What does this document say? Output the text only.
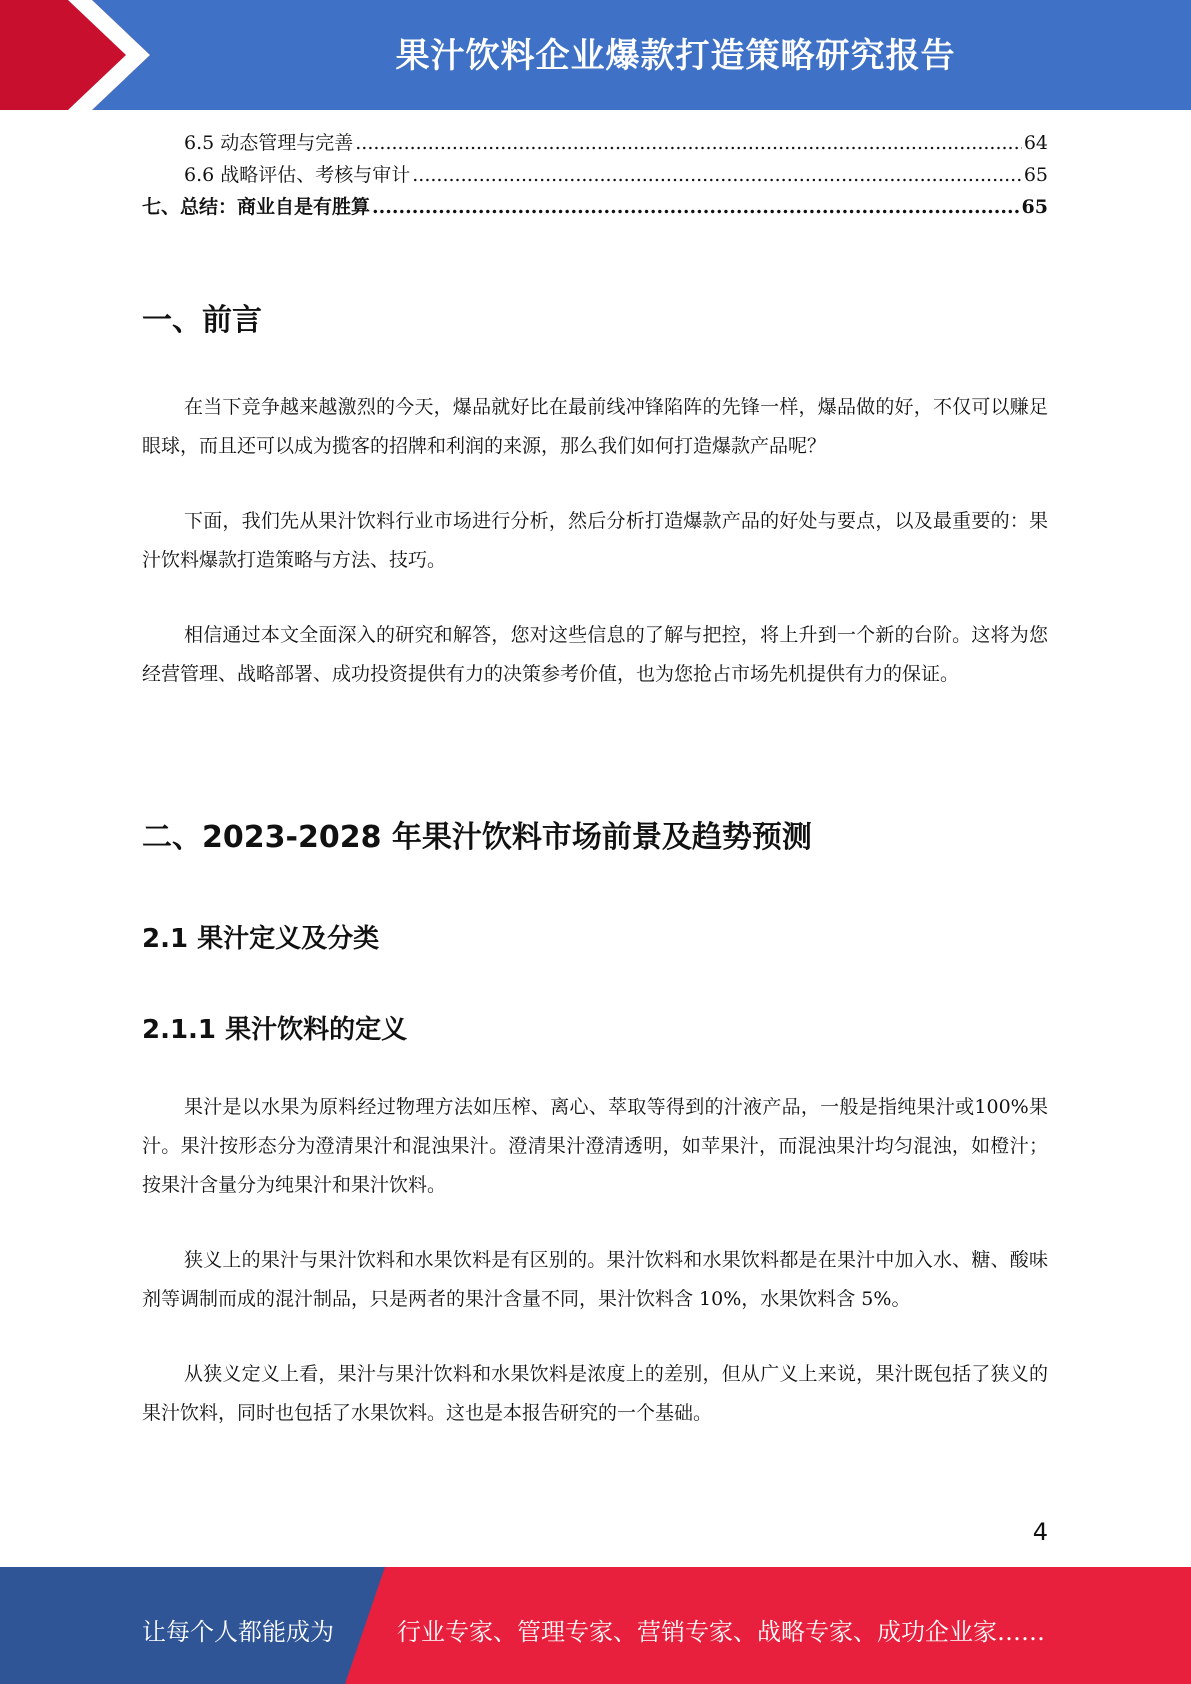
果汁饮料企业爆款打造策略研究报告
6.5 动态管理与完善 .....	64
6.6 战略评估、考核与审计 .....	65
七、总结：商业自是有胜算 .....	65
一、前言
在当下竞争越来越激烈的今天，爆品就好比在最前线冲锋陷阵的先锋一样，爆品做的好，不仅可以赚足眼球，而且还可以成为揽客的招牌和利润的来源，那么我们如何打造爆款产品呢？
下面，我们先从果汁饮料行业市场进行分析，然后分析打造爆款产品的好处与要点，以及最重要的：果汁饮料爆款打造策略与方法、技巧。
相信通过本文全面深入的研究和解答，您对这些信息的了解与把控，将上升到一个新的台阶。这将为您经营管理、战略部署、成功投资提供有力的决策参考价值，也为您抢占市场先机提供有力的保证。
二、2023-2028 年果汁饮料市场前景及趋势预测
2.1 果汁定义及分类
2.1.1 果汁饮料的定义
果汁是以水果为原料经过物理方法如压榨、离心、萃取等得到的汁液产品，一般是指纯果汁或100%果汁。果汁按形态分为澄清果汁和混浊果汁。澄清果汁澄清透明，如苹果汁，而混浊果汁均匀混浊，如橙汁；按果汁含量分为纯果汁和果汁饮料。
狭义上的果汁与果汁饮料和水果饮料是有区别的。果汁饮料和水果饮料都是在果汁中加入水、糖、酸味剂等调制而成的混汁制品，只是两者的果汁含量不同，果汁饮料含 10%，水果饮料含 5%。
从狭义定义上看，果汁与果汁饮料和水果饮料是浓度上的差别，但从广义上来说，果汁既包括了狭义的果汁饮料，同时也包括了水果饮料。这也是本报告研究的一个基础。
4
让每个人都能成为	行业专家、管理专家、营销专家、战略专家、成功企业家……
